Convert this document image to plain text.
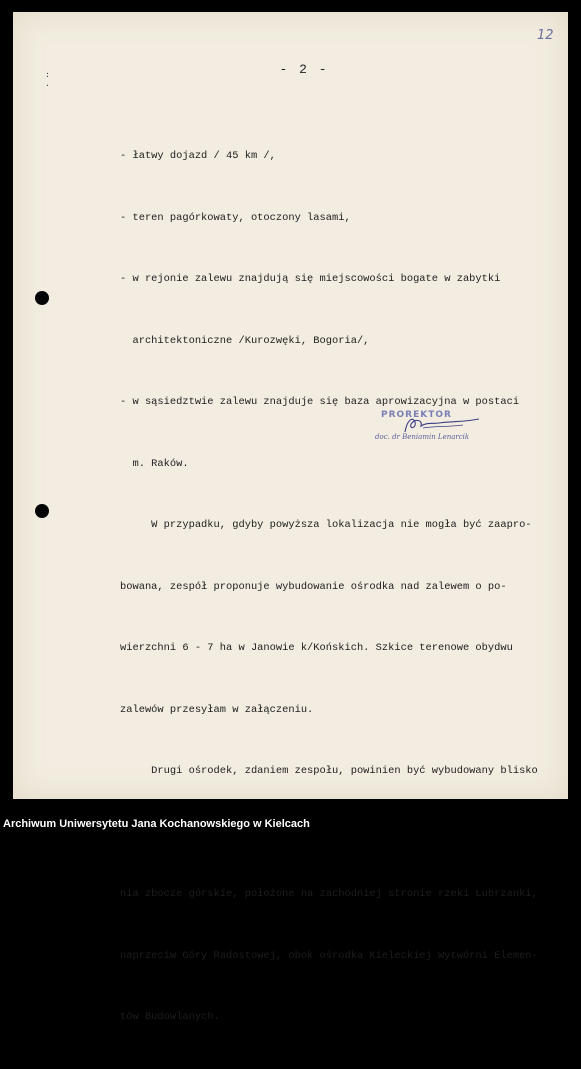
12
- 2 -
:
.

- łatwy dojazd / 45 km /,

- teren pagórkowaty, otoczony lasami,

- w rejonie zalewu znajdują się miejscowości bogate w zabytki

architektoniczne /Kurozwęki, Bogoria/,

- w sąsiedztwie zalewu znajduje się baza aprowizacyjna w postaci

m. Raków.

W przypadku, gdyby powyższa lokalizacja nie mogła być zaapro-

bowana, zespół proponuje wybudowanie ośrodka nad zalewem o po-

wierzchni 6 - 7 ha w Janowie k/Końskich. Szkice terenowe obydwu

zalewów przesyłam w załączeniu.

Drugi ośrodek, zdaniem zespołu, powinien być wybudowany blisko

nia zbocze górskie, położone na zachodniej stronie rzeki Lubrzanki,

naprzeciw Góry Radostowej, obok ośrodka Kieleckiej Wytwórni Elemen-

tów Budowlanych.

PROREKTOR
doc. dr Beniamin Lenarcik
Archiwum Uniwersytetu Jana Kochanowskiego w Kielcach
